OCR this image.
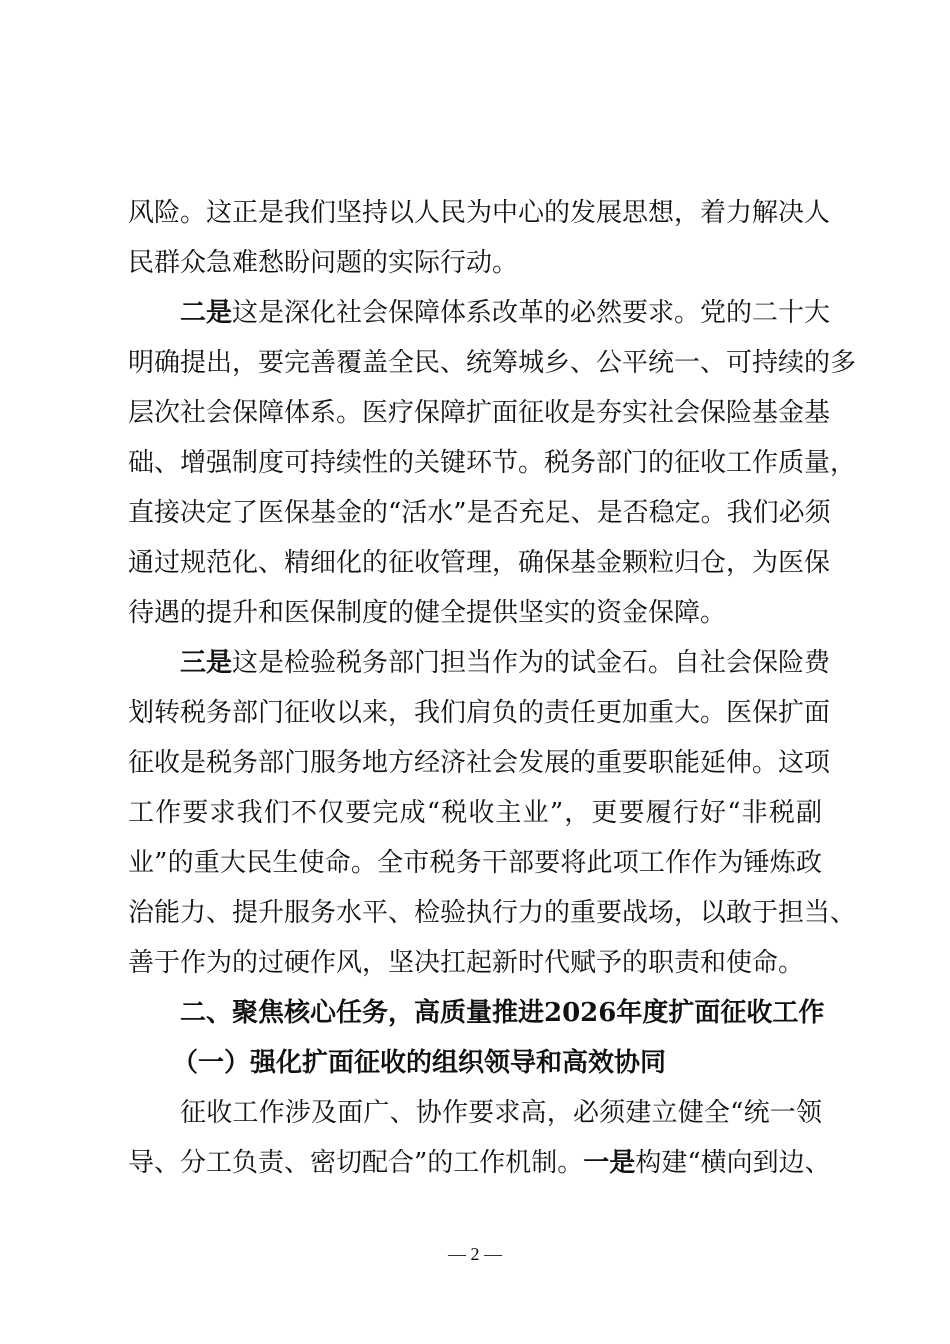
风险。这正是我们坚持以人民为中心的发展思想，着力解决人
民群众急难愁盼问题的实际行动。
二是这是深化社会保障体系改革的必然要求。党的二十大
明确提出，要完善覆盖全民、统筹城乡、公平统一、可持续的多
层次社会保障体系。医疗保障扩面征收是夯实社会保险基金基
础、增强制度可持续性的关键环节。税务部门的征收工作质量，
直接决定了医保基金的“活水”是否充足、是否稳定。我们必须
通过规范化、精细化的征收管理，确保基金颗粒归仓，为医保
待遇的提升和医保制度的健全提供坚实的资金保障。
三是这是检验税务部门担当作为的试金石。自社会保险费
划转税务部门征收以来，我们肩负的责任更加重大。医保扩面
征收是税务部门服务地方经济社会发展的重要职能延伸。这项
工作要求我们不仅要完成“税收主业”，更要履行好“非税副
业”的重大民生使命。全市税务干部要将此项工作作为锤炼政
治能力、提升服务水平、检验执行力的重要战场，以敢于担当、
善于作为的过硬作风，坚决扛起新时代赋予的职责和使命。
二、聚焦核心任务，高质量推进2026年度扩面征收工作
（一）强化扩面征收的组织领导和高效协同
征收工作涉及面广、协作要求高，必须建立健全“统一领
导、分工负责、密切配合”的工作机制。一是构建“横向到边、
— 2 —
